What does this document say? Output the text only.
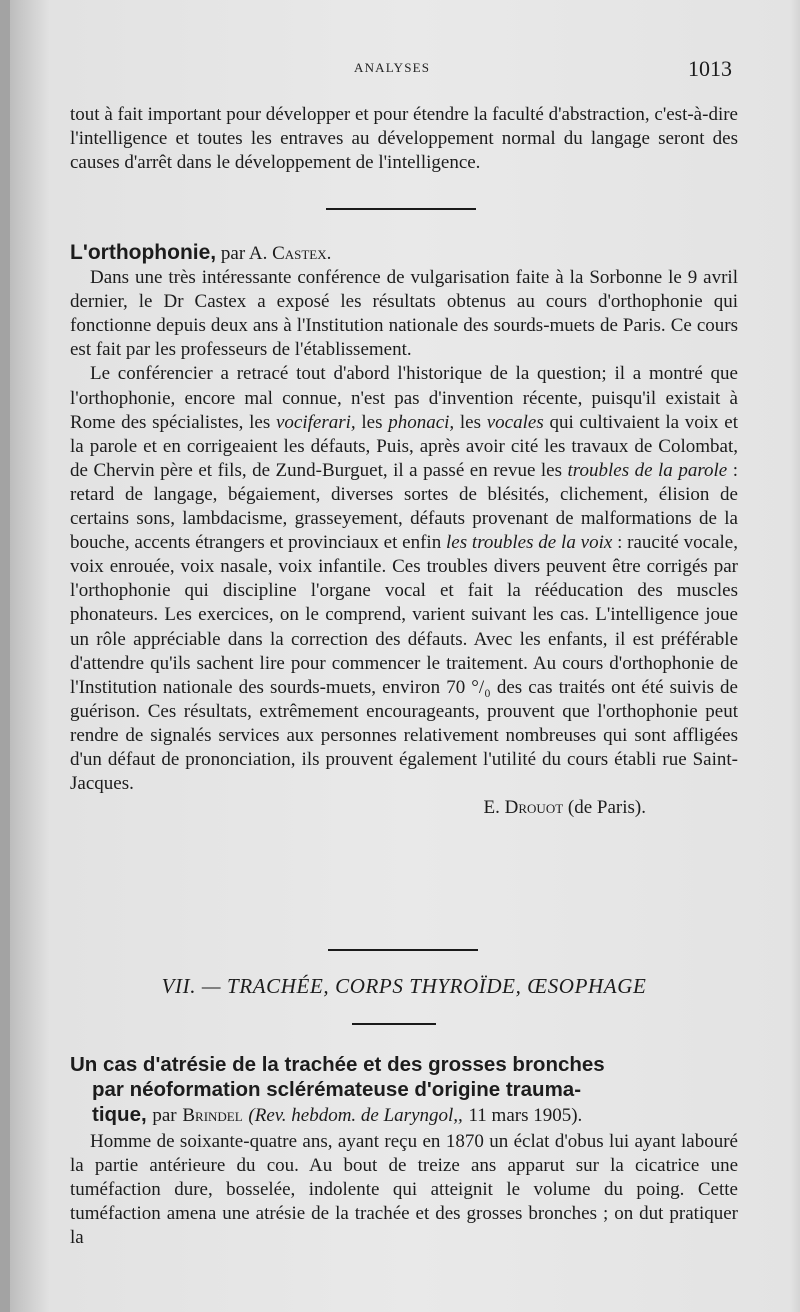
ANALYSES	1013

tout à fait important pour développer et pour étendre la faculté d'abstraction, c'est-à-dire l'intelligence et toutes les entraves au développement normal du langage seront des causes d'arrêt dans le développement de l'intelligence.

L'orthophonie, par A. Castex.

Dans une très intéressante conférence de vulgarisation faite à la Sorbonne le 9 avril dernier, le Dr Castex a exposé les résultats obtenus au cours d'orthophonie qui fonctionne depuis deux ans à l'Institution nationale des sourds-muets de Paris. Ce cours est fait par les professeurs de l'établissement.

Le conférencier a retracé tout d'abord l'historique de la question; il a montré que l'orthophonie, encore mal connue, n'est pas d'invention récente, puisqu'il existait à Rome des spécialistes, les vociferari, les phonaci, les vocales qui cultivaient la voix et la parole et en corrigeaient les défauts, Puis, après avoir cité les travaux de Colombat, de Chervin père et fils, de Zund-Burguet, il a passé en revue les troubles de la parole : retard de langage, bégaiement, diverses sortes de blésités, clichement, élision de certains sons, lambdacisme, grasseyement, défauts provenant de malformations de la bouche, accents étrangers et provinciaux et enfin les troubles de la voix : raucité vocale, voix enrouée, voix nasale, voix infantile. Ces troubles divers peuvent être corrigés par l'orthophonie qui discipline l'organe vocal et fait la rééducation des muscles phonateurs. Les exercices, on le comprend, varient suivant les cas. L'intelligence joue un rôle appréciable dans la correction des défauts. Avec les enfants, il est préférable d'attendre qu'ils sachent lire pour commencer le traitement. Au cours d'orthophonie de l'Institution nationale des sourds-muets, environ 70 °/₀ des cas traités ont été suivis de guérison. Ces résultats, extrêmement encourageants, prouvent que l'orthophonie peut rendre de signalés services aux personnes relativement nombreuses qui sont affligées d'un défaut de prononciation, ils prouvent également l'utilité du cours établi rue Saint-Jacques.

E. Drouot (de Paris).

VII. — TRACHÉE, CORPS THYROÏDE, ŒSOPHAGE

Un cas d'atrésie de la trachée et des grosses bronches
par néoformation sclérémateuse d'origine trauma-
tique, par Brindel (Rev. hebdom. de Laryngol,, 11 mars 1905).

Homme de soixante-quatre ans, ayant reçu en 1870 un éclat d'obus lui ayant labouré la partie antérieure du cou. Au bout de treize ans apparut sur la cicatrice une tuméfaction dure, bosselée, indolente qui atteignit le volume du poing. Cette tuméfaction amena une atrésie de la trachée et des grosses bronches ; on dut pratiquer la
